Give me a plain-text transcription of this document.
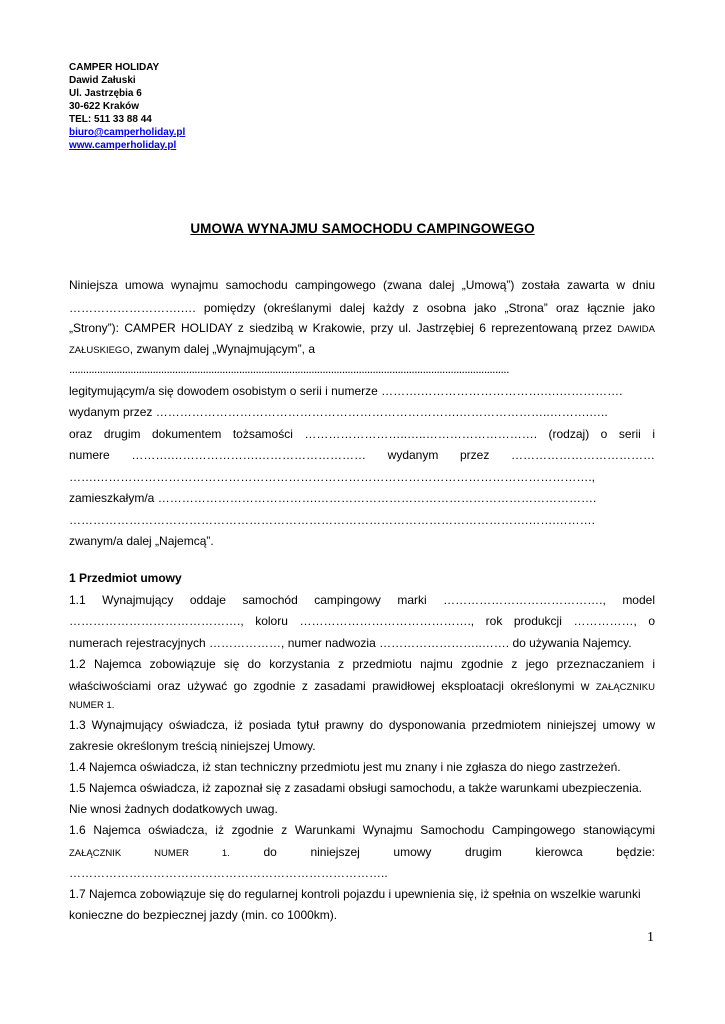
CAMPER HOLIDAY
Dawid Załuski
Ul. Jastrzębia 6
30-622 Kraków
TEL: 511 33 88 44
biuro@camperholiday.pl
www.camperholiday.pl
UMOWA WYNAJMU SAMOCHODU CAMPINGOWEGO
Niniejsza umowa wynajmu samochodu campingowego (zwana dalej „Umową”) została zawarta w dniu
……………………….…. pomiędzy (określanymi dalej każdy z osobna jako „Strona” oraz łącznie jako
„Strony”): CAMPER HOLIDAY z siedzibą w Krakowie, przy ul. Jastrzębiej 6 reprezentowaną przez DAWIDA
ZAŁUSKIEGO, zwanym dalej „Wynajmującym”, a
..............................................................................................................................................................
legitymującym/a się dowodem osobistym o serii i numerze ……….………………………….….…………….
wydanym przez ………………………………………………………………….…………………..……….…..
oraz drugim dokumentem tożsamości ……………………..…..………………………. (rodzaj) o serii i
numere ……….………………….……………………… wydanym przez ………………………………
…….…………………………………………………………………………………………………………….,
zamieszkałym/a ………………………………….…………………………………………………………….
…………………………………………………………………………………………………….…….……….
zwanym/a dalej „Najemcą”.
1 Przedmiot umowy
1.1 Wynajmujący oddaje samochód campingowy marki …………………………………., model
……………………………………., koloru ……………………………………., rok produkcji ……………, o
numerach rejestracyjnych ………………, numer nadwozia ……………………..……. do używania Najemcy.
1.2 Najemca zobowiązuje się do korzystania z przedmiotu najmu zgodnie z jego przeznaczaniem i
właściwościami oraz używać go zgodnie z zasadami prawidłowej eksploatacji określonymi w ZAŁĄCZNIKU
NUMER 1.
1.3 Wynajmujący oświadcza, iż posiada tytuł prawny do dysponowania przedmiotem niniejszej umowy w
zakresie określonym treścią niniejszej Umowy.
1.4 Najemca oświadcza, iż stan techniczny przedmiotu jest mu znany i nie zgłasza do niego zastrzeżeń.
1.5 Najemca oświadcza, iż zapoznał się z zasadami obsługi samochodu, a także warunkami ubezpieczenia.
Nie wnosi żadnych dodatkowych uwag.
1.6 Najemca oświadcza, iż zgodnie z Warunkami Wynajmu Samochodu Campingowego stanowiącymi
ZAŁĄCZNIK NUMER 1.	do niniejszej umowy drugim kierowca będzie:
……………………………………………………………………..
1.7 Najemca zobowiązuje się do regularnej kontroli pojazdu i upewnienia się, iż spełnia on wszelkie warunki
konieczne do bezpiecznej jazdy (min. co 1000km).
1
